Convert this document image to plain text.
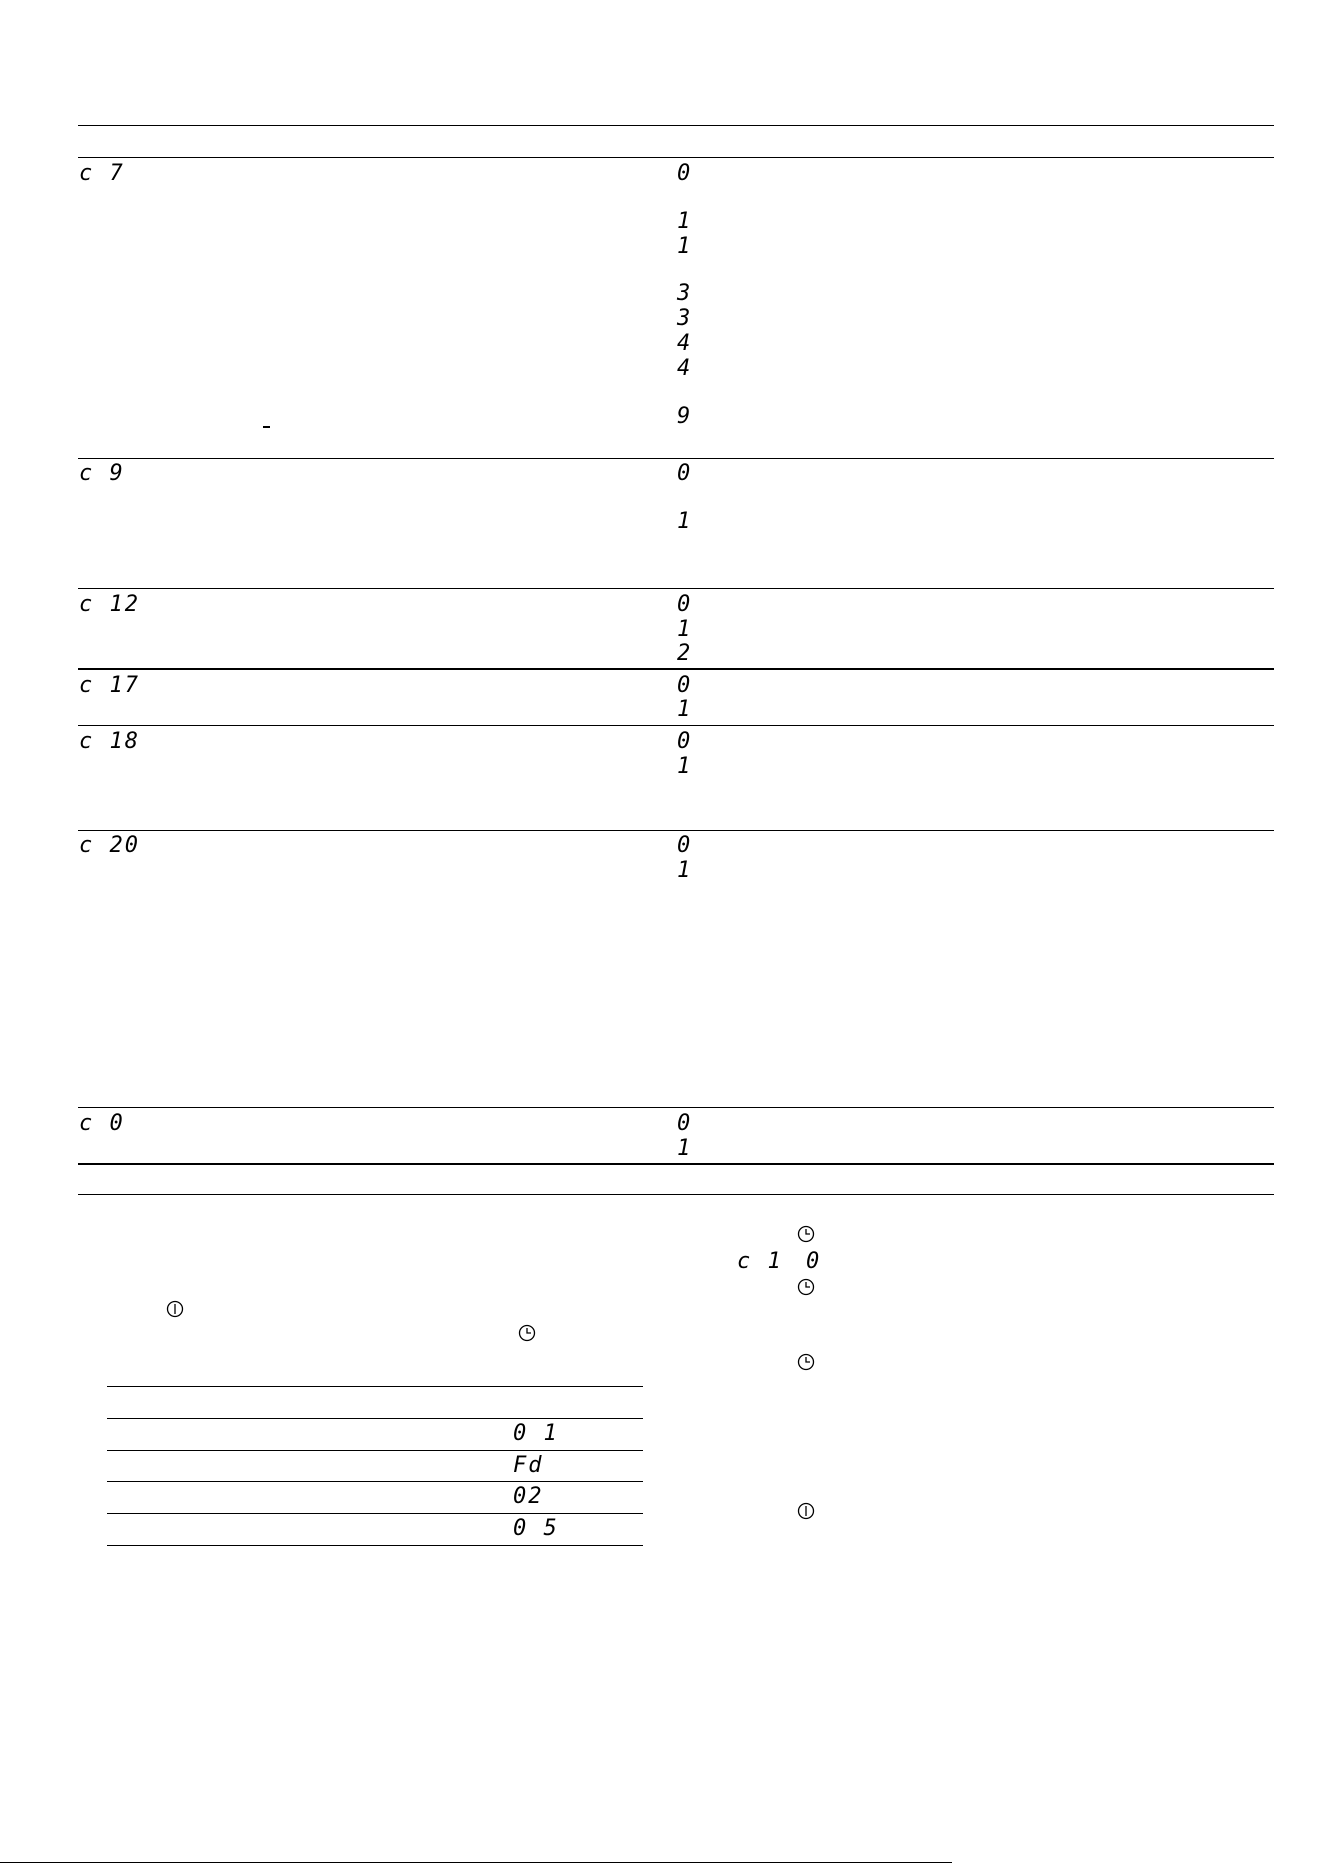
c 7	0
1
1
3
3
4
4
9
c 9	0
1
c 12	0
1
2
c 17	0
1
c 18	0
1
c 20	0
1
c 0	0
1
0 1
Fd
02
0 5
c 1 0
